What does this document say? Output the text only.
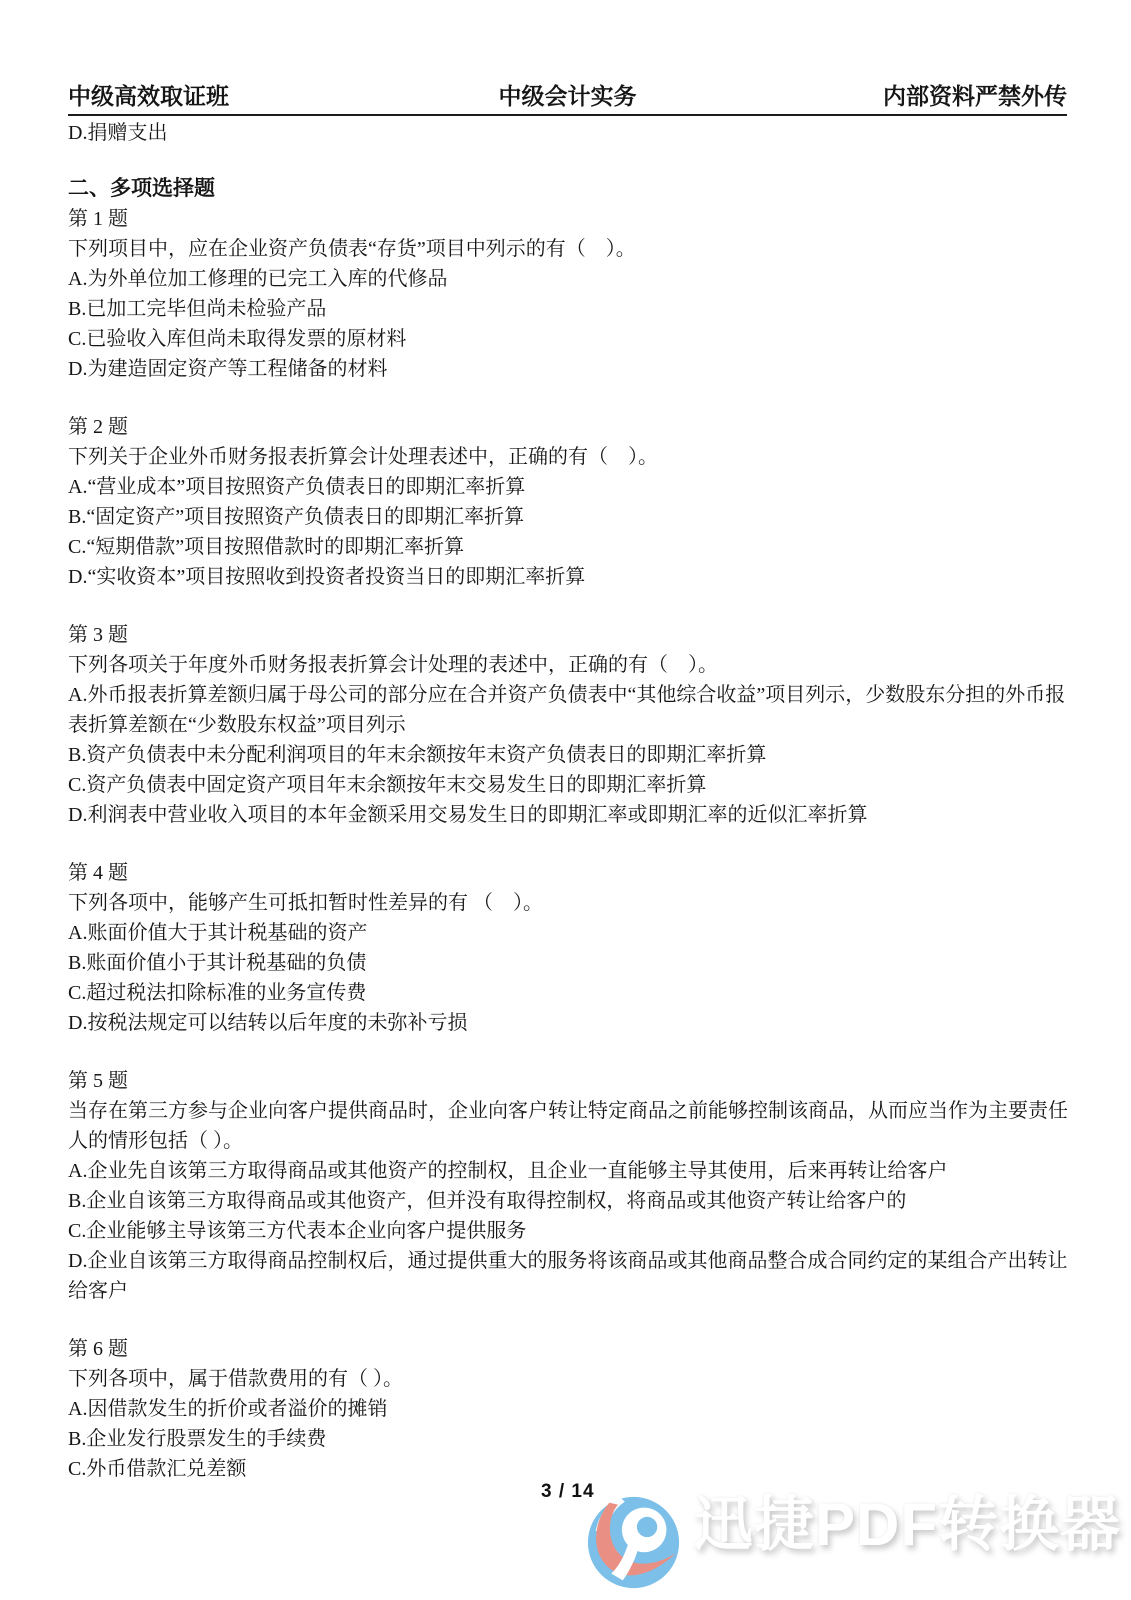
中级高效取证班	中级会计实务	内部资料严禁外传
D.捐赠支出
二、多项选择题
第 1 题
下列项目中，应在企业资产负债表“存货”项目中列示的有（　）。
A.为外单位加工修理的已完工入库的代修品
B.已加工完毕但尚未检验产品
C.已验收入库但尚未取得发票的原材料
D.为建造固定资产等工程储备的材料
第 2 题
下列关于企业外币财务报表折算会计处理表述中，正确的有（　）。
A.“营业成本”项目按照资产负债表日的即期汇率折算
B.“固定资产”项目按照资产负债表日的即期汇率折算
C.“短期借款”项目按照借款时的即期汇率折算
D.“实收资本”项目按照收到投资者投资当日的即期汇率折算
第 3 题
下列各项关于年度外币财务报表折算会计处理的表述中，正确的有（　）。
A.外币报表折算差额归属于母公司的部分应在合并资产负债表中“其他综合收益”项目列示，少数股东分担的外币报表折算差额在“少数股东权益”项目列示
B.资产负债表中未分配利润项目的年末余额按年末资产负债表日的即期汇率折算
C.资产负债表中固定资产项目年末余额按年末交易发生日的即期汇率折算
D.利润表中营业收入项目的本年金额采用交易发生日的即期汇率或即期汇率的近似汇率折算
第 4 题
下列各项中，能够产生可抵扣暂时性差异的有 （　）。
A.账面价值大于其计税基础的资产
B.账面价值小于其计税基础的负债
C.超过税法扣除标准的业务宣传费
D.按税法规定可以结转以后年度的未弥补亏损
第 5 题
当存在第三方参与企业向客户提供商品时，企业向客户转让特定商品之前能够控制该商品，从而应当作为主要责任人的情形包括（ ）。
A.企业先自该第三方取得商品或其他资产的控制权，且企业一直能够主导其使用，后来再转让给客户
B.企业自该第三方取得商品或其他资产，但并没有取得控制权，将商品或其他资产转让给客户的
C.企业能够主导该第三方代表本企业向客户提供服务
D.企业自该第三方取得商品控制权后，通过提供重大的服务将该商品或其他商品整合成合同约定的某组合产出转让给客户
第 6 题
下列各项中，属于借款费用的有（ ）。
A.因借款发生的折价或者溢价的摊销
B.企业发行股票发生的手续费
C.外币借款汇兑差额
3 / 14 迅捷PDF转换器
